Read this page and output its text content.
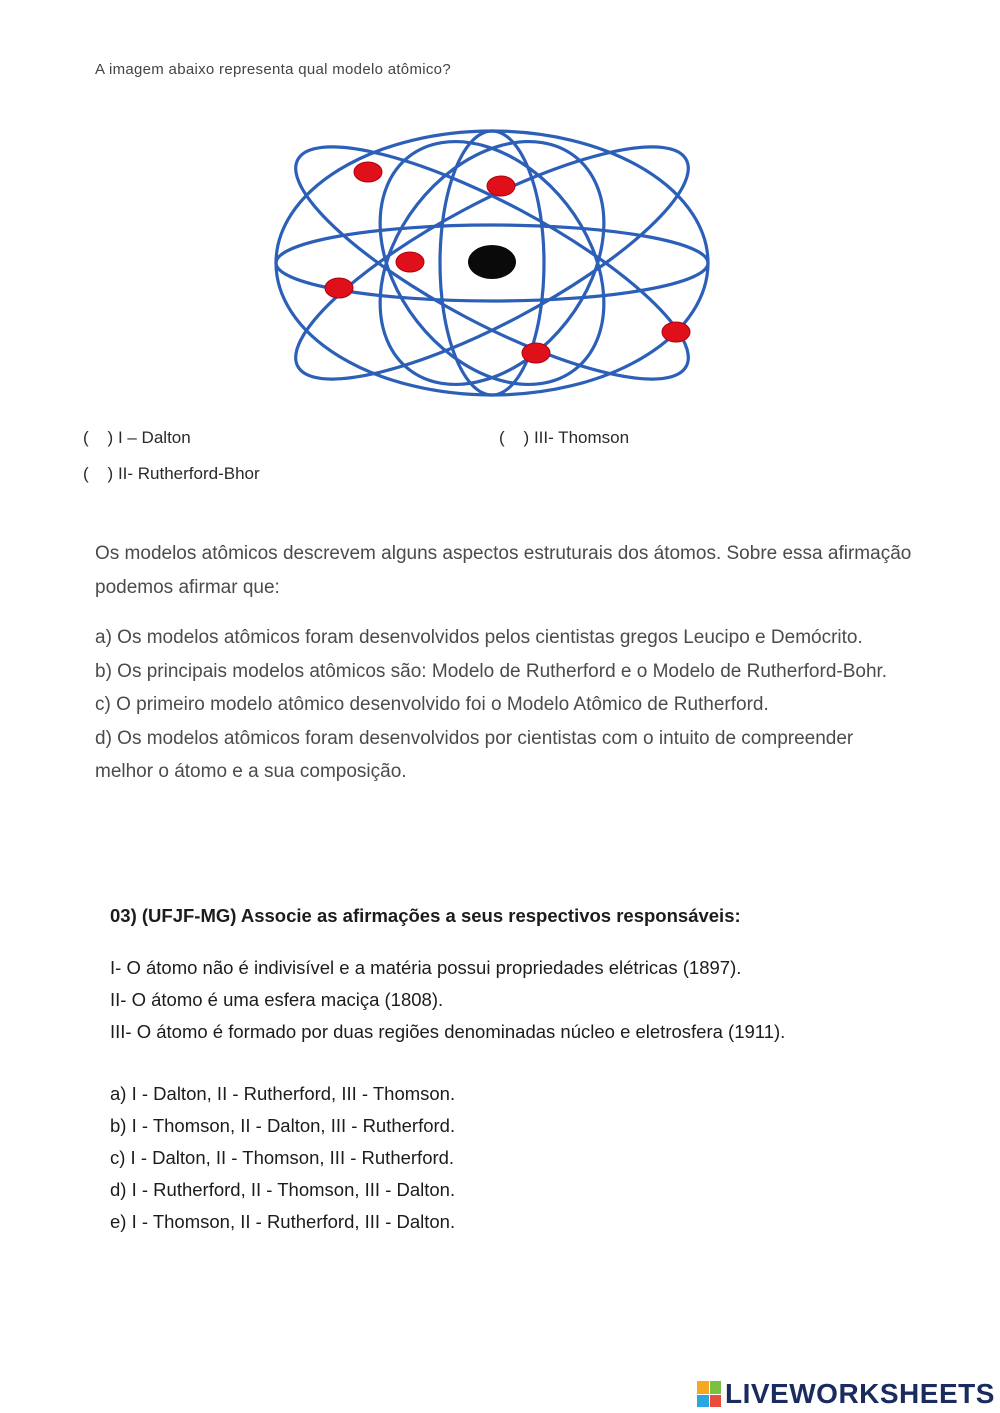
A imagem abaixo representa qual modelo atômico?
(    ) I – Dalton	(    ) III- Thomson
(    ) II- Rutherford-Bhor

Os modelos atômicos descrevem alguns aspectos estruturais dos átomos. Sobre essa afirmação podemos afirmar que:

a) Os modelos atômicos foram desenvolvidos pelos cientistas gregos Leucipo e Demócrito.

b) Os principais modelos atômicos são: Modelo de Rutherford e o Modelo de Rutherford-Bohr.

c) O primeiro modelo atômico desenvolvido foi o Modelo Atômico de Rutherford.

d) Os modelos atômicos foram desenvolvidos por cientistas com o intuito de compreender melhor o átomo e a sua composição.

03) (UFJF-MG) Associe as afirmações a seus respectivos responsáveis:
I- O átomo não é indivisível e a matéria possui propriedades elétricas (1897).
II- O átomo é uma esfera maciça (1808).
III- O átomo é formado por duas regiões denominadas núcleo e eletrosfera (1911).
a) I - Dalton, II - Rutherford, III - Thomson.
b) I - Thomson, II - Dalton, III - Rutherford.
c) I - Dalton, II - Thomson, III - Rutherford.
d) I - Rutherford, II - Thomson, III - Dalton.
e) I - Thomson, II - Rutherford, III - Dalton.
LIVEWORKSHEETS
